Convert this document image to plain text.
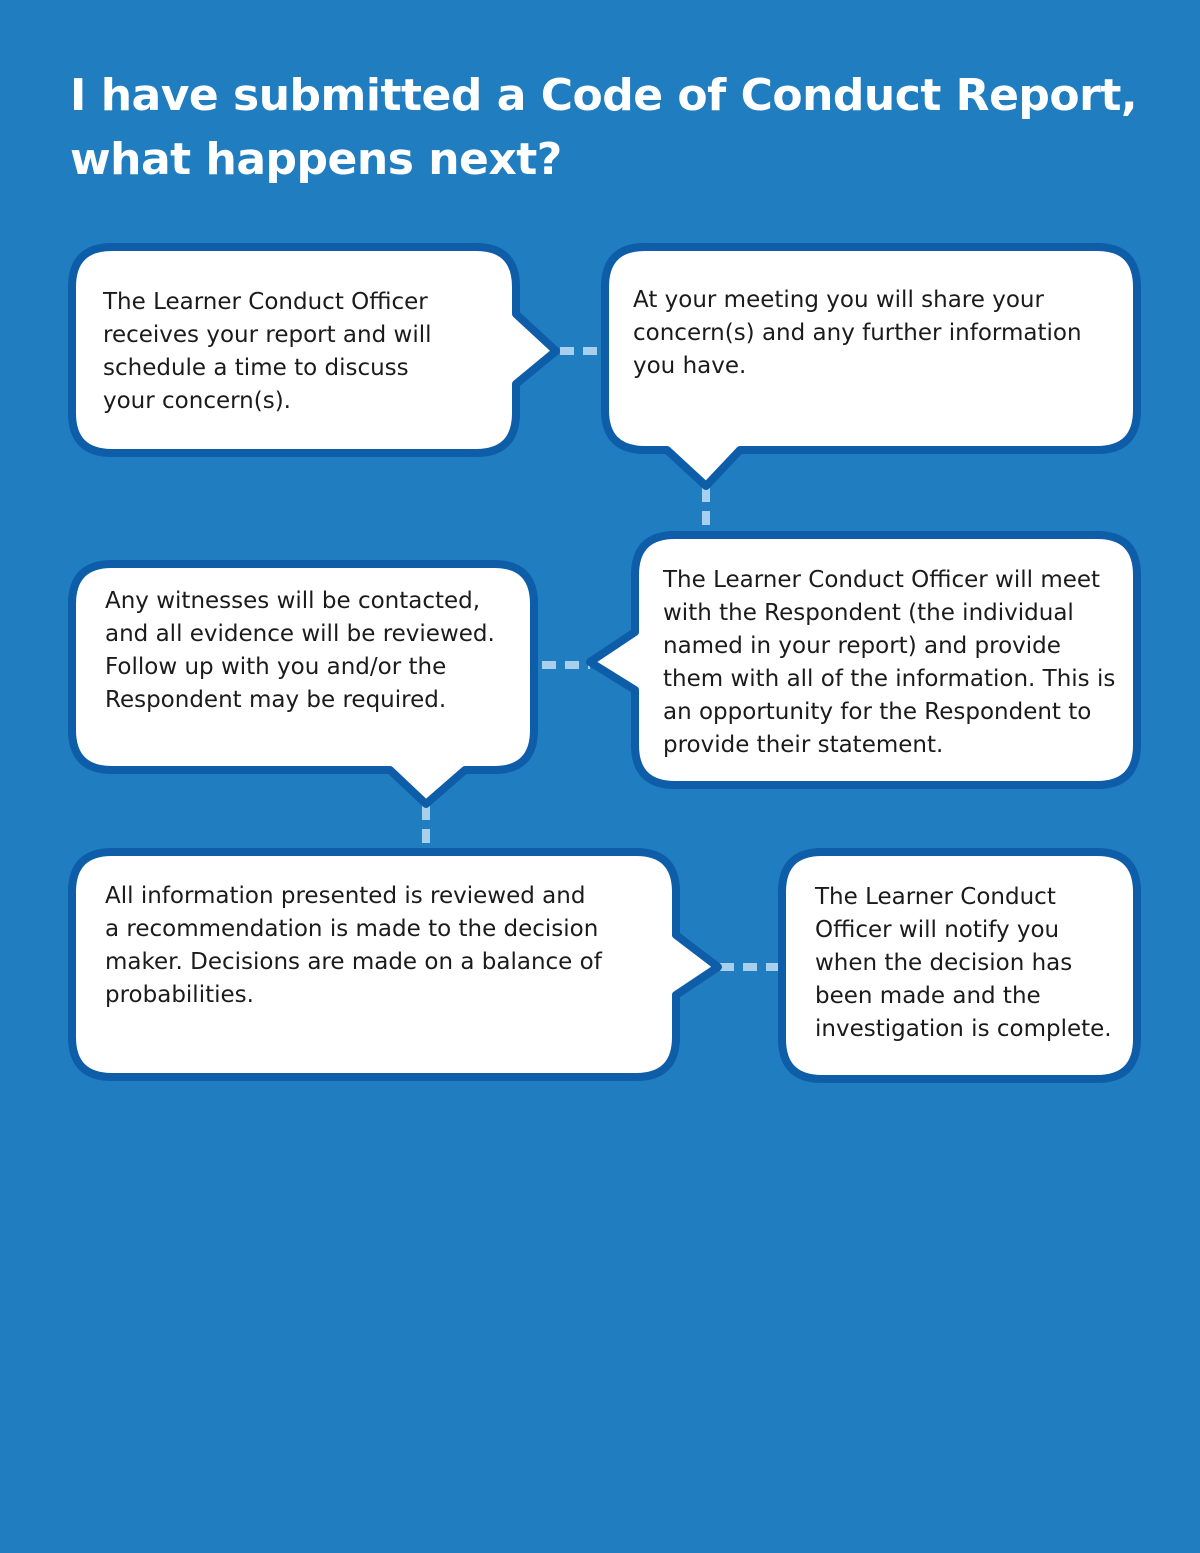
I have submitted a Code of Conduct Report,
what happens next?
The Learner Conduct Officer
receives your report and will
schedule a time to discuss
your concern(s).
At your meeting you will share your
concern(s) and any further information
you have.
The Learner Conduct Officer will meet
with the Respondent (the individual
named in your report) and provide
them with all of the information. This is
an opportunity for the Respondent to
provide their statement.
Any witnesses will be contacted,
and all evidence will be reviewed.
Follow up with you and/or the
Respondent may be required.
All information presented is reviewed and
a recommendation is made to the decision
maker. Decisions are made on a balance of
probabilities.
The Learner Conduct
Officer will notify you
when the decision has
been made and the
investigation is complete.
